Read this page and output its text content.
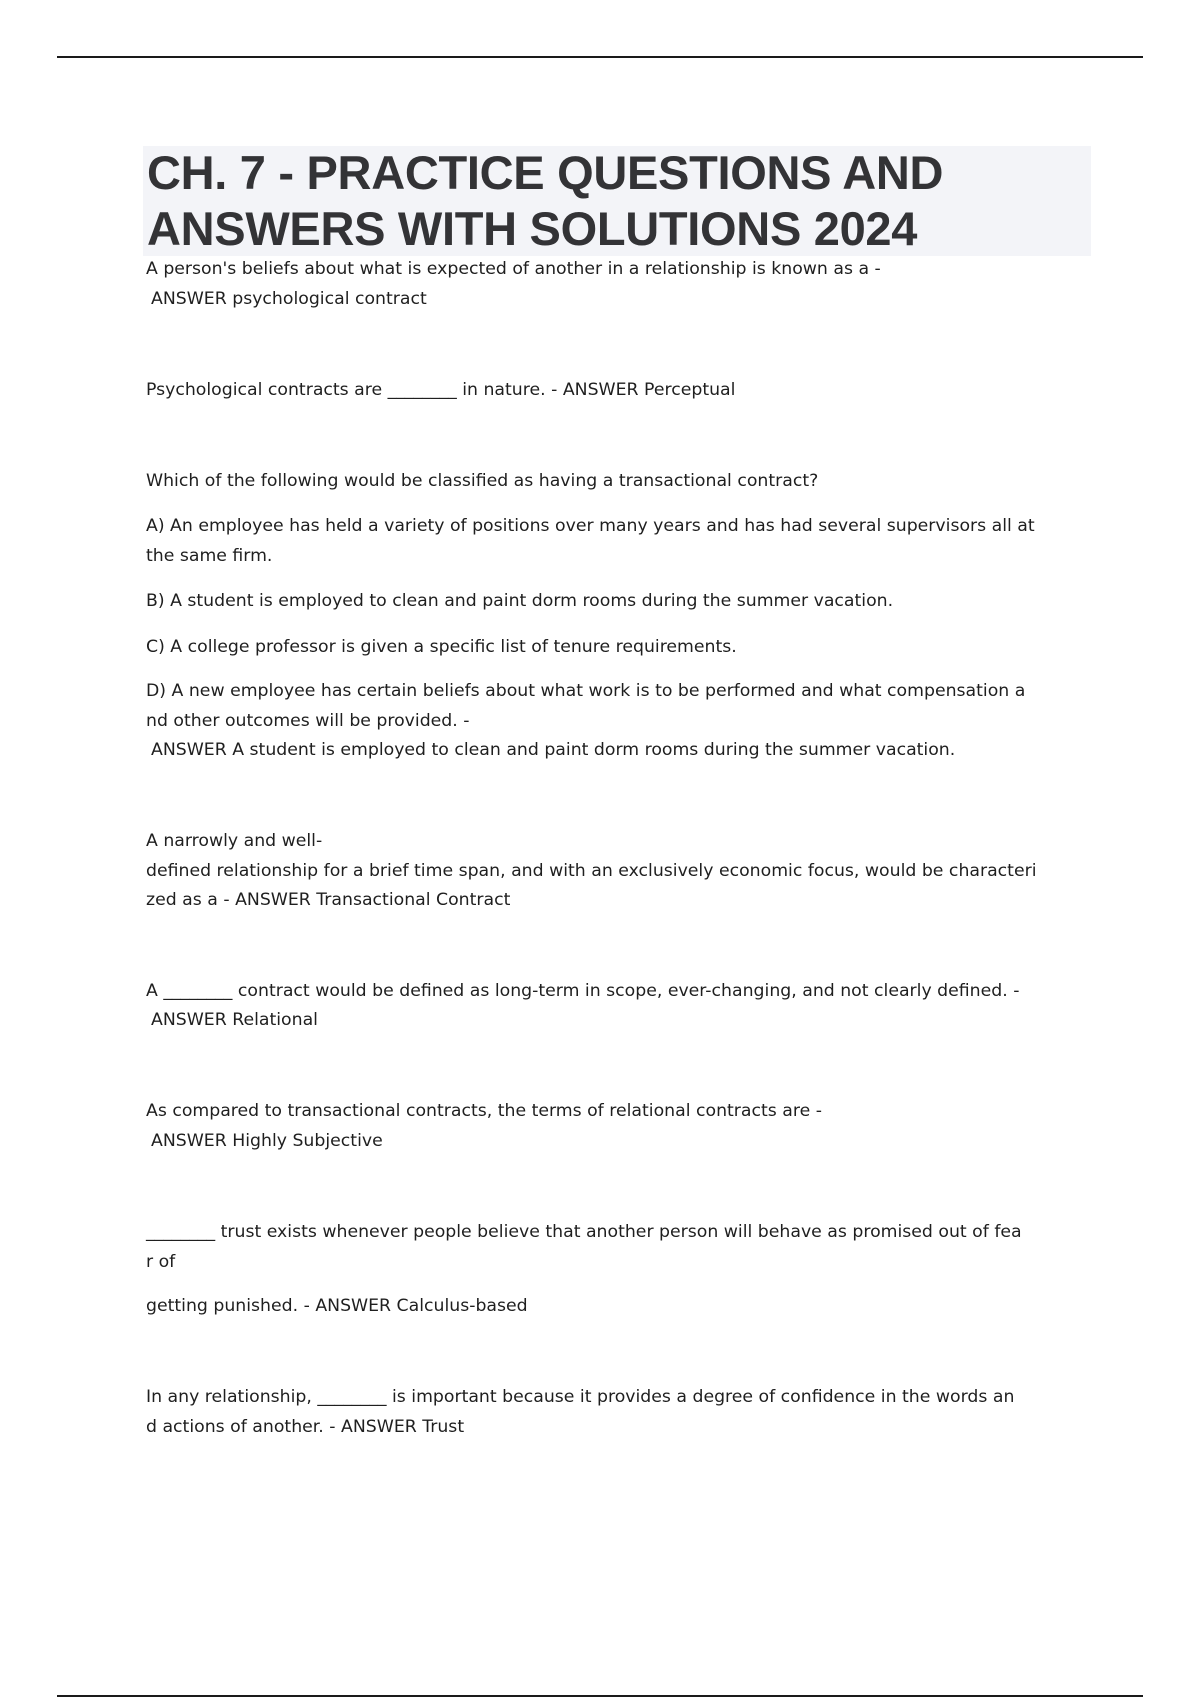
CH. 7 - PRACTICE QUESTIONS AND
ANSWERS WITH SOLUTIONS 2024
A person's beliefs about what is expected of another in a relationship is known as a -
ANSWER psychological contract
Psychological contracts are ________ in nature. - ANSWER Perceptual
Which of the following would be classified as having a transactional contract?
A) An employee has held a variety of positions over many years and has had several supervisors all at
the same firm.
B) A student is employed to clean and paint dorm rooms during the summer vacation.
C) A college professor is given a specific list of tenure requirements.
D) A new employee has certain beliefs about what work is to be performed and what compensation a
nd other outcomes will be provided. -
ANSWER A student is employed to clean and paint dorm rooms during the summer vacation.
A narrowly and well-
defined relationship for a brief time span, and with an exclusively economic focus, would be characteri
zed as a - ANSWER Transactional Contract
A ________ contract would be defined as long-term in scope, ever-changing, and not clearly defined. -
ANSWER Relational
As compared to transactional contracts, the terms of relational contracts are -
ANSWER Highly Subjective
________ trust exists whenever people believe that another person will behave as promised out of fea
r of
getting punished. - ANSWER Calculus-based
In any relationship, ________ is important because it provides a degree of confidence in the words an
d actions of another. - ANSWER Trust
